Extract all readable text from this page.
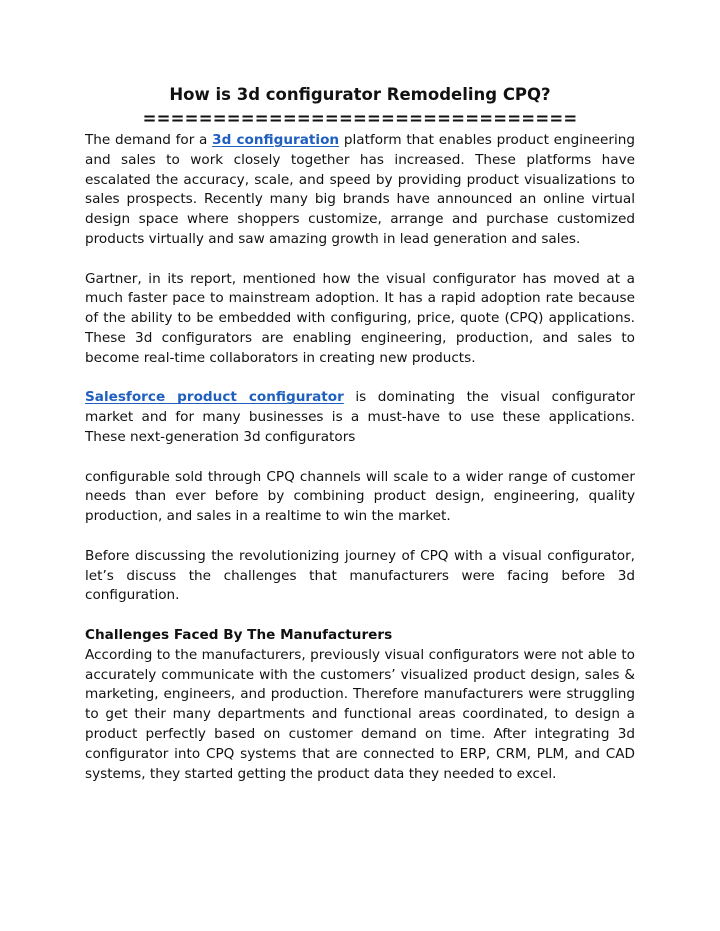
How is 3d configurator Remodeling CPQ?
===============================

The demand for a 3d configuration platform that enables product engineering and sales to work closely together has increased. These platforms have escalated the accuracy, scale, and speed by providing product visualizations to sales prospects. Recently many big brands have announced an online virtual design space where shoppers customize, arrange and purchase customized products virtually and saw amazing growth in lead generation and sales.

Gartner, in its report, mentioned how the visual configurator has moved at a much faster pace to mainstream adoption. It has a rapid adoption rate because of the ability to be embedded with configuring, price, quote (CPQ) applications. These 3d configurators are enabling engineering, production, and sales to become real-time collaborators in creating new products.

Salesforce product configurator is dominating the visual configurator market and for many businesses is a must-have to use these applications. These next-generation 3d configurators

configurable sold through CPQ channels will scale to a wider range of customer needs than ever before by combining product design, engineering, quality production, and sales in a realtime to win the market.

Before discussing the revolutionizing journey of CPQ with a visual configurator, let’s discuss the challenges that manufacturers were facing before 3d configuration.

Challenges Faced By The Manufacturers

According to the manufacturers, previously visual configurators were not able to accurately communicate with the customers’ visualized product design, sales & marketing, engineers, and production. Therefore manufacturers were struggling to get their many departments and functional areas coordinated, to design a product perfectly based on customer demand on time. After integrating 3d configurator into CPQ systems that are connected to ERP, CRM, PLM, and CAD systems, they started getting the product data they needed to excel.
